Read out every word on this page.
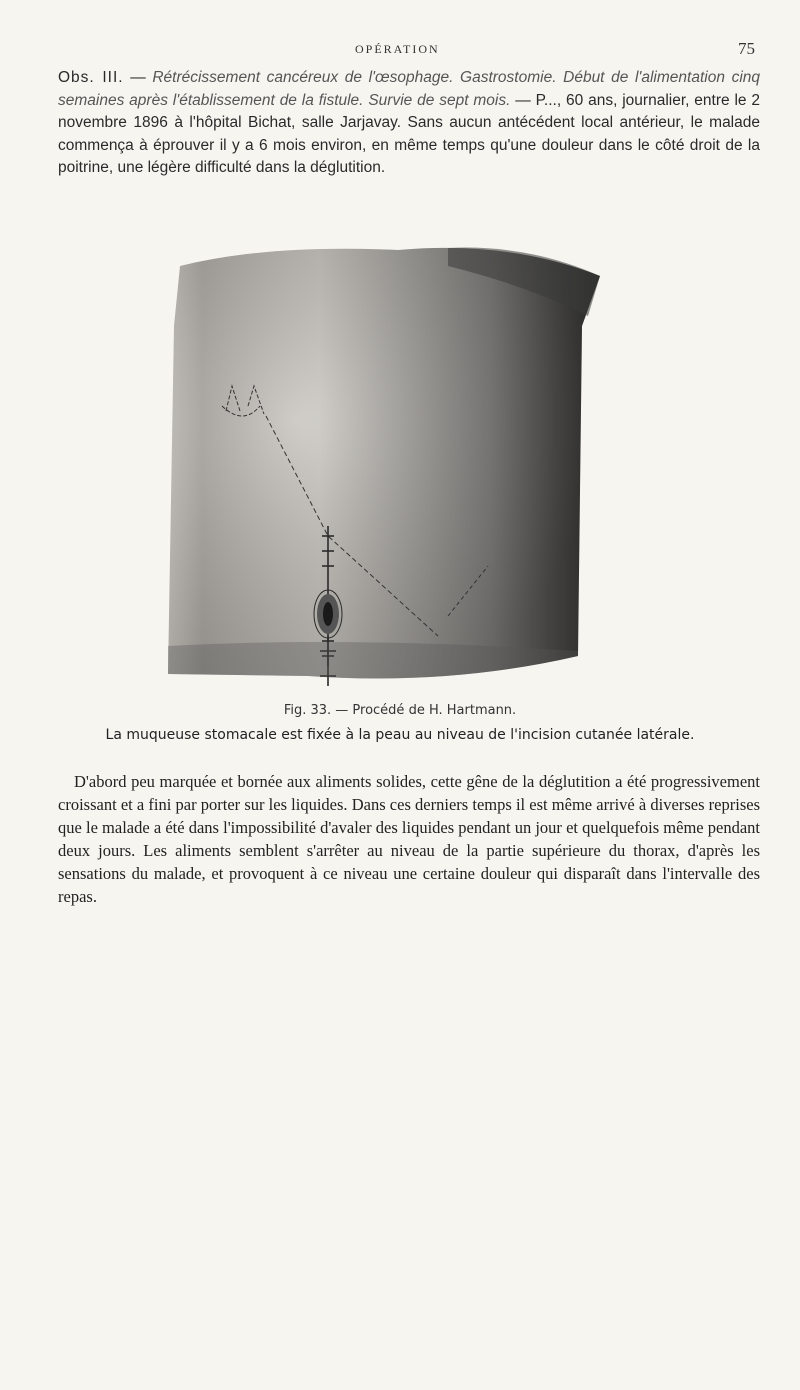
OPÉRATION	75
Obs. III. — Rétrécissement cancéreux de l'œsophage. Gastrostomie. Début de l'alimentation cinq semaines après l'établissement de la fistule. Survie de sept mois. — P..., 60 ans, journalier, entre le 2 novembre 1896 à l'hôpital Bichat, salle Jarjavay. Sans aucun antécédent local antérieur, le malade commença à éprouver il y a 6 mois environ, en même temps qu'une douleur dans le côté droit de la poitrine, une légère difficulté dans la déglutition.
Fig. 33. — Procédé de H. Hartmann.
La muqueuse stomacale est fixée à la peau au niveau de l'incision cutanée latérale.
D'abord peu marquée et bornée aux aliments solides, cette gêne de la déglutition a été progressivement croissant et a fini par porter sur les liquides. Dans ces derniers temps il est même arrivé à diverses reprises que le malade a été dans l'impossibilité d'avaler des liquides pendant un jour et quelquefois même pendant deux jours. Les aliments semblent s'arrêter au niveau de la partie supérieure du thorax, d'après les sensations du malade, et provoquent à ce niveau une certaine douleur qui disparaît dans l'intervalle des repas.
